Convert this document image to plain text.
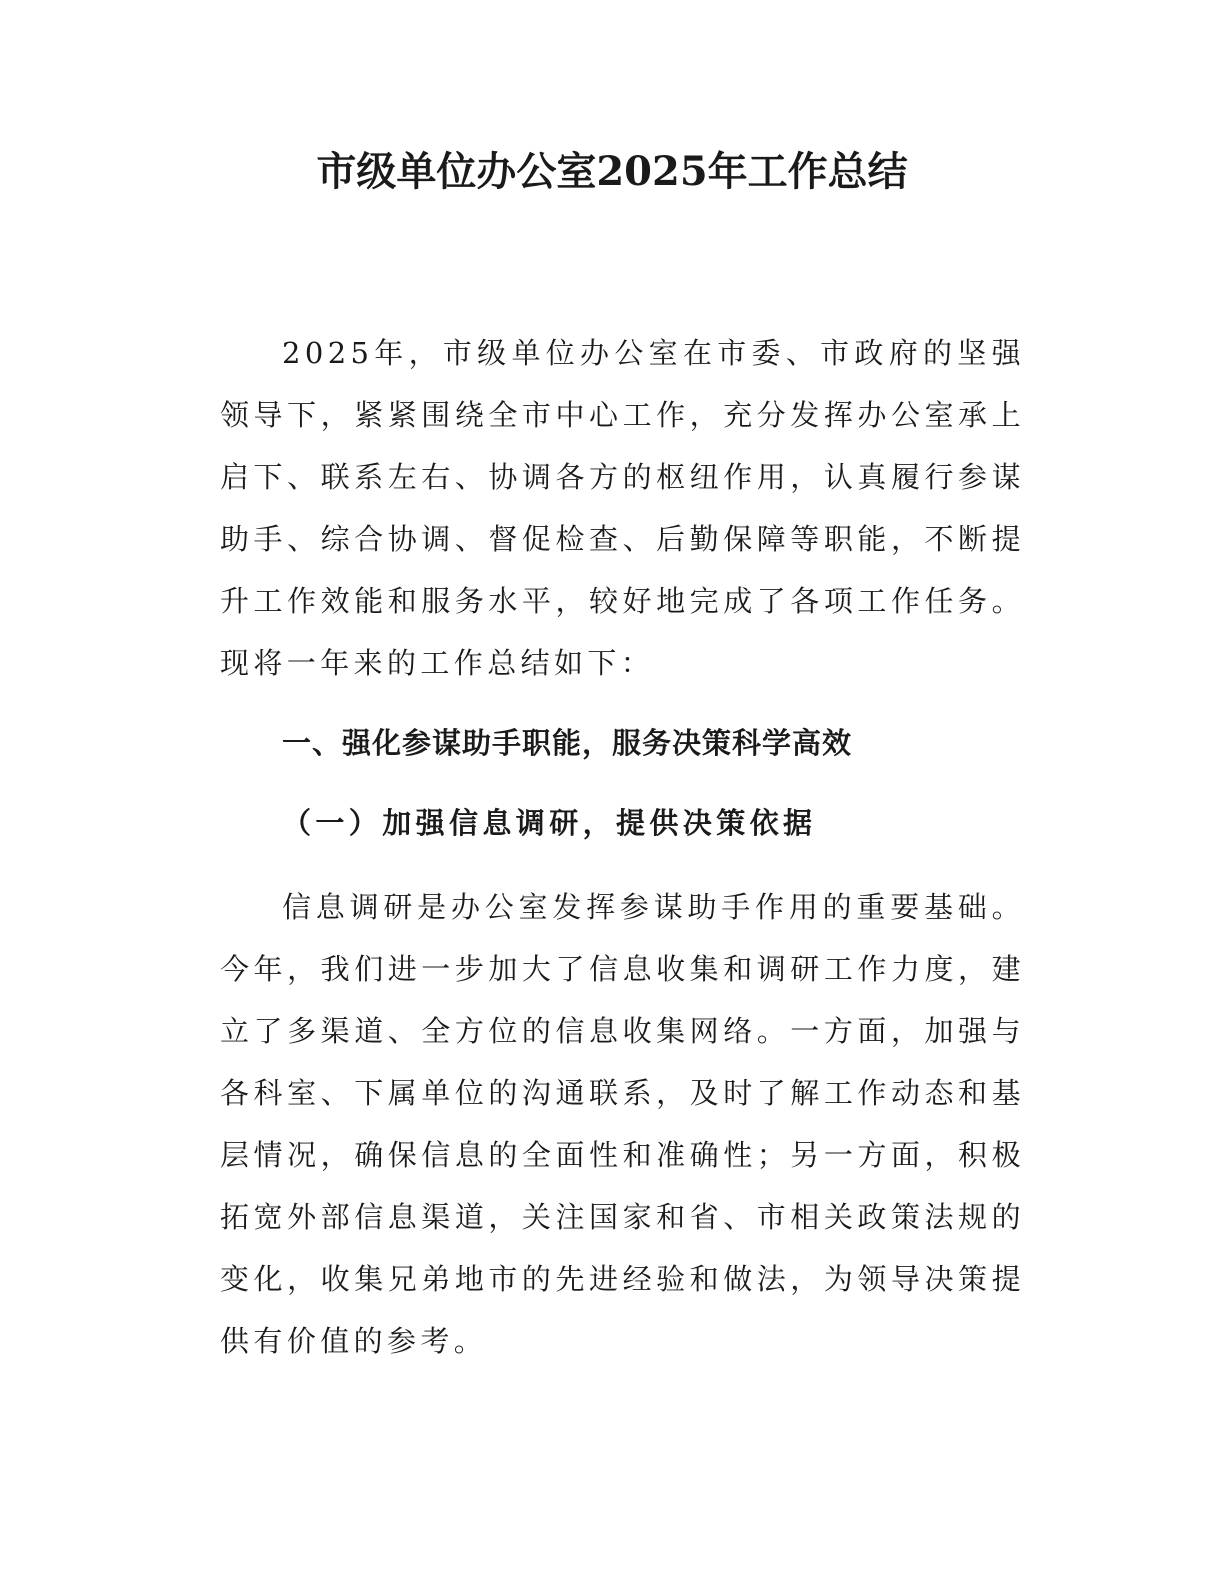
市级单位办公室2025年工作总结

2025年，市级单位办公室在市委、市政府的坚强领导下，紧紧围绕全市中心工作，充分发挥办公室承上启下、联系左右、协调各方的枢纽作用，认真履行参谋助手、综合协调、督促检查、后勤保障等职能，不断提升工作效能和服务水平，较好地完成了各项工作任务。现将一年来的工作总结如下：

一、强化参谋助手职能，服务决策科学高效
（一）加强信息调研，提供决策依据

信息调研是办公室发挥参谋助手作用的重要基础。今年，我们进一步加大了信息收集和调研工作力度，建立了多渠道、全方位的信息收集网络。一方面，加强与各科室、下属单位的沟通联系，及时了解工作动态和基层情况，确保信息的全面性和准确性；另一方面，积极拓宽外部信息渠道，关注国家和省、市相关政策法规的变化，收集兄弟地市的先进经验和做法，为领导决策提供有价值的参考。
